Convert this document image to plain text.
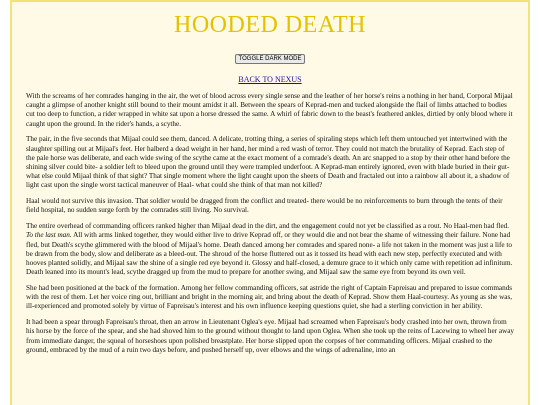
HOODED DEATH
TOGGLE DARK MODE
BACK TO NEXUS

With the screams of her comrades hanging in the air, the wet of blood across every single sense and the leather of her horse's reins a nothing in her hand, Corporal Mijaal caught a glimpse of another knight still bound to their mount amidst it all. Between the spears of Keprad-men and tucked alongside the flail of limbs attached to bodies cut too deep to function, a rider wrapped in white sat upon a horse dressed the same. A whirl of fabric down to the beast's feathered ankles, dirtied by only blood where it caught upon the ground. In the rider's hands, a scythe.

The pair, in the five seconds that Mijaal could see them, danced. A delicate, trotting thing, a series of spiraling steps which left them untouched yet intertwined with the slaughter spilling out at Mijaal's feet. Her halberd a dead weight in her hand, her mind a red wash of terror. They could not match the brutality of Keprad. Each step of the pale horse was deliberate, and each wide swing of the scythe came at the exact moment of a comrade's death. An arc snapped to a stop by their other hand before the shining silver could bite- a soldier left to bleed upon the ground until they were trampled underfoot. A Keprad-man entirely ignored, even with blade buried in their gut- what else could Mijaal think of that sight? That single moment where the light caught upon the sheets of Death and fractaled out into a rainbow all about it, a shadow of light cast upon the single worst tactical maneuver of Haal- what could she think of that man not killed?

Haal would not survive this invasion. That soldier would be dragged from the conflict and treated- there would be no reinforcements to burn through the tents of their field hospital, no sudden surge forth by the comrades still living. No survival.

The entire overhead of commanding officers ranked higher than Mijaal dead in the dirt, and the engagement could not yet be classified as a rout. No Haal-men had fled. To the last man. All with arms linked together, they would either live to drive Keprad off, or they would die and not bear the shame of witnessing their failure. None had fled, but Death's scythe glimmered with the blood of Mijaal's home. Death danced among her comrades and spared none- a life not taken in the moment was just a life to be drawn from the body, slow and deliberate as a bleed-out. The shroud of the horse fluttered out as it tossed its head with each new step, perfectly executed and with hooves planted solidly, and Mijaal saw the shine of a single red eye beyond it. Glossy and half-closed, a demure grace to it which only came with repetition ad infinitum. Death leaned into its mount's lead, scythe dragged up from the mud to prepare for another swing, and Mijaal saw the same eye from beyond its own veil.

She had been positioned at the back of the formation. Among her fellow commanding officers, sat astride the right of Captain Fapreisau and prepared to issue commands with the rest of them. Let her voice ring out, brilliant and bright in the morning air, and bring about the death of Keprad. Show them Haal-courtesy. As young as she was, ill-experienced and promoted solely by virtue of Fapreisau's interest and his own influence keeping questions quiet, she had a sterling conviction in her ability.

It had been a spear through Fapreisau's throat, then an arrow in Lieutenant Oglea's eye. Mijaal had screamed when Fapreisau's body crashed into her own, thrown from his horse by the force of the spear, and she had shoved him to the ground without thought to land upon Oglea. When she took up the reins of Lacewing to wheel her away from immediate danger, the squeal of horseshoes upon polished breastplate. Her horse slipped upon the corpses of her commanding officers. Mijaal crashed to the ground, embraced by the mud of a ruin two days before, and pushed herself up, over elbows and the wings of adrenaline, into an
